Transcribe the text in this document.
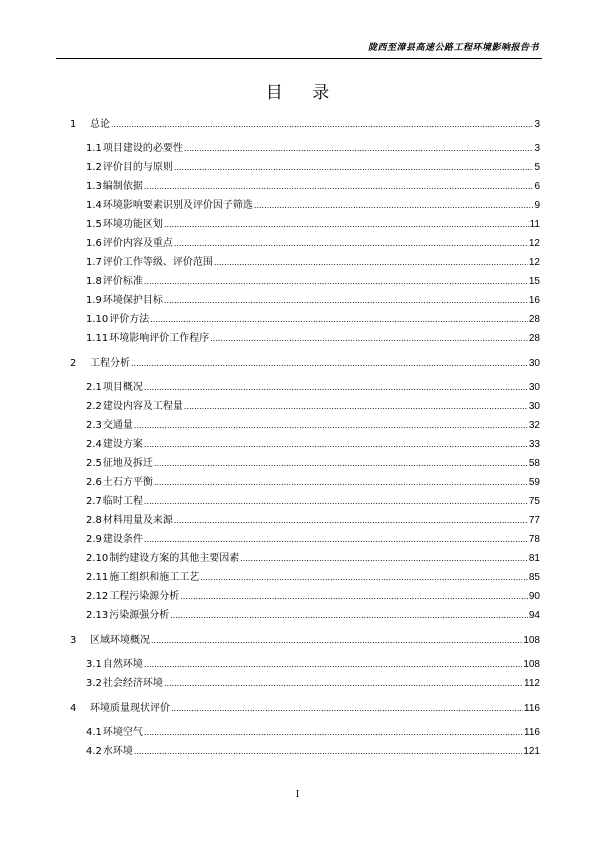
陇西至漳县高速公路工程环境影响报告书
目 录
1	总论 .....	3
1.1 项目建设的必要性 .....	3
1.2 评价目的与原则 .....	5
1.3 编制依据 .....	6
1.4 环境影响要素识别及评价因子筛选 .....	9
1.5 环境功能区划 .....	11
1.6 评价内容及重点 .....	12
1.7 评价工作等级、评价范围 .....	12
1.8 评价标准 .....	15
1.9 环境保护目标 .....	16
1.10 评价方法 .....	28
1.11 环境影响评价工作程序 .....	28
2	工程分析 .....	30
2.1 项目概况 .....	30
2.2 建设内容及工程量 .....	30
2.3 交通量 .....	32
2.4 建设方案 .....	33
2.5 征地及拆迁 .....	58
2.6 土石方平衡 .....	59
2.7 临时工程 .....	75
2.8 材料用量及来源 .....	77
2.9 建设条件 .....	78
2.10 制约建设方案的其他主要因素 .....	81
2.11 施工组织和施工工艺 .....	85
2.12 工程污染源分析 .....	90
2.13 污染源强分析 .....	94
3	区域环境概况 .....	108
3.1 自然环境 .....	108
3.2 社会经济环境 .....	112
4	环境质量现状评价 .....	116
4.1 环境空气 .....	116
4.2 水环境 .....	121
I
